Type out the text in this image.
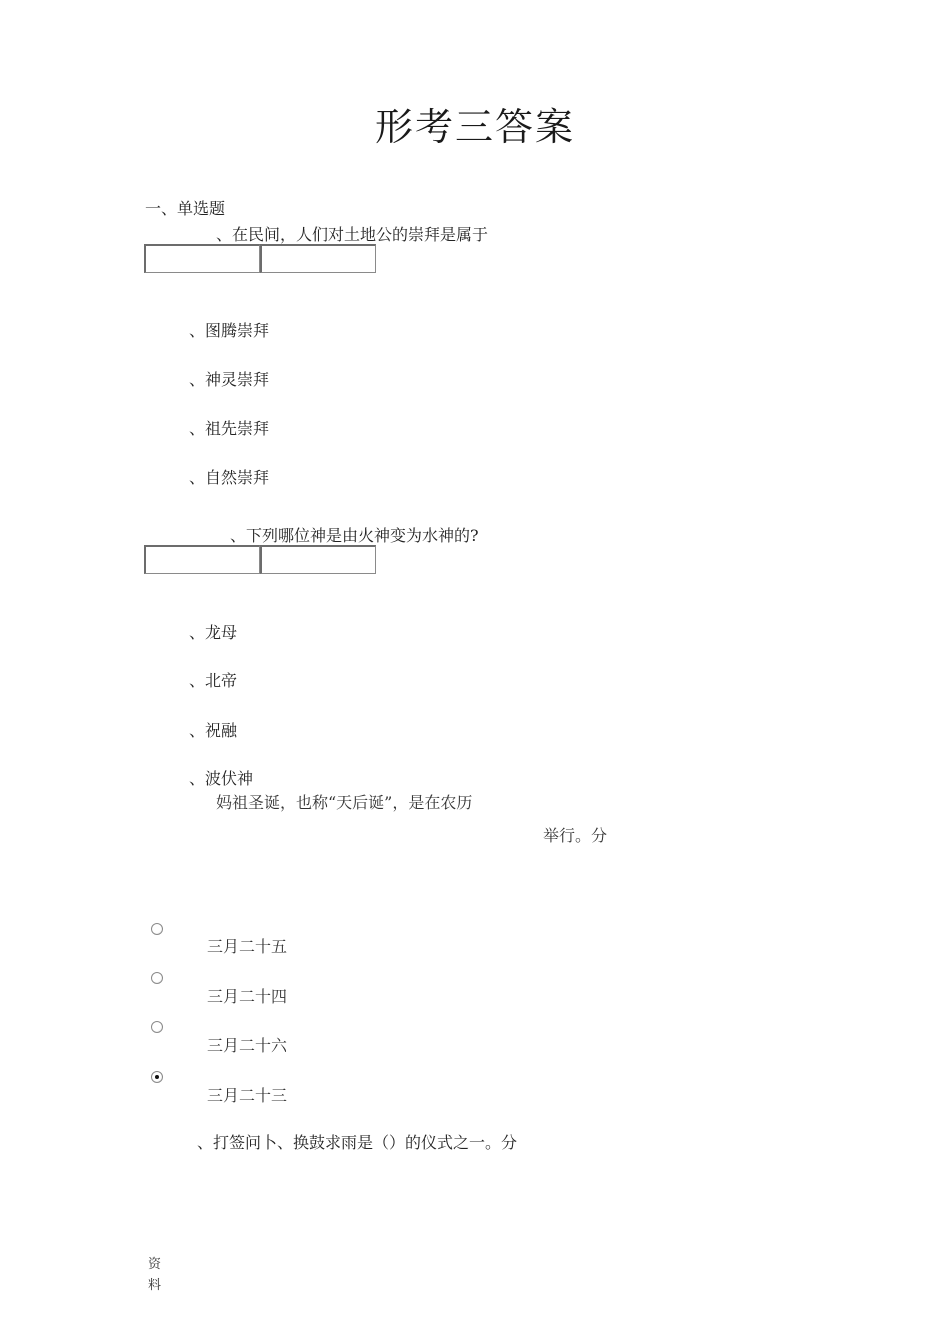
形考三答案
一、单选题
、在民间，人们对土地公的崇拜是属于
、图腾崇拜
、神灵崇拜
、祖先崇拜
、自然崇拜
、下列哪位神是由火神变为水神的?
、龙母
、北帝
、祝融
、波伏神
妈祖圣诞，也称“天后诞”，是在农历
举行。分
三月二十五
三月二十四
三月二十六
三月二十三
、打签问卜、换鼓求雨是（）的仪式之一。分
资
料
